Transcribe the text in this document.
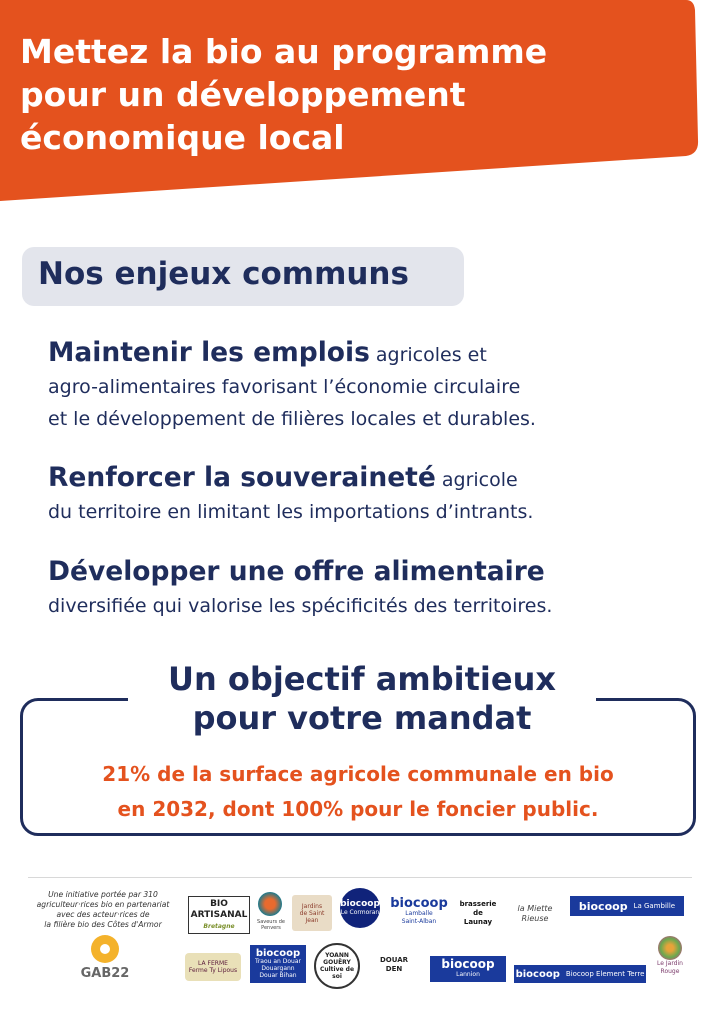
Mettez la bio au programme
pour un développement
économique local
Nos enjeux communs
Maintenir les emplois agricoles et
agro-alimentaires favorisant l’économie circulaire
et le développement de filières locales et durables.
Renforcer la souveraineté agricole
du territoire en limitant les importations d’intrants.
Développer une offre alimentaire
diversifiée qui valorise les spécificités des territoires.
Un objectif ambitieux
pour votre mandat
21% de la surface agricole communale en bio
en 2032, dont 100% pour le foncier public.
Une initiative portée par 310
agriculteur·rices bio en partenariat
avec des acteur·rices de
la filière bio des Côtes d'Armor
GAB22
BIO
ARTISANAL
Bretagne
Saveurs de Penvers
Jardins
de Saint
Jean
biocoop
Le Cormoran
biocoop
Lamballe
Saint-Alban
brasserie
de
Launay
la Miette
Rieuse
biocoop La Gambille
LA FERME
Ferme Ty Lipous
biocoop
Traou an Douar
Douargann
Douar Bihan
YOANN GOUËRY
Cultive de soi
DOUAR
DEN	biocoop
Lannion	biocoop Biocoop Element Terre
Le Jardin
Rouge
